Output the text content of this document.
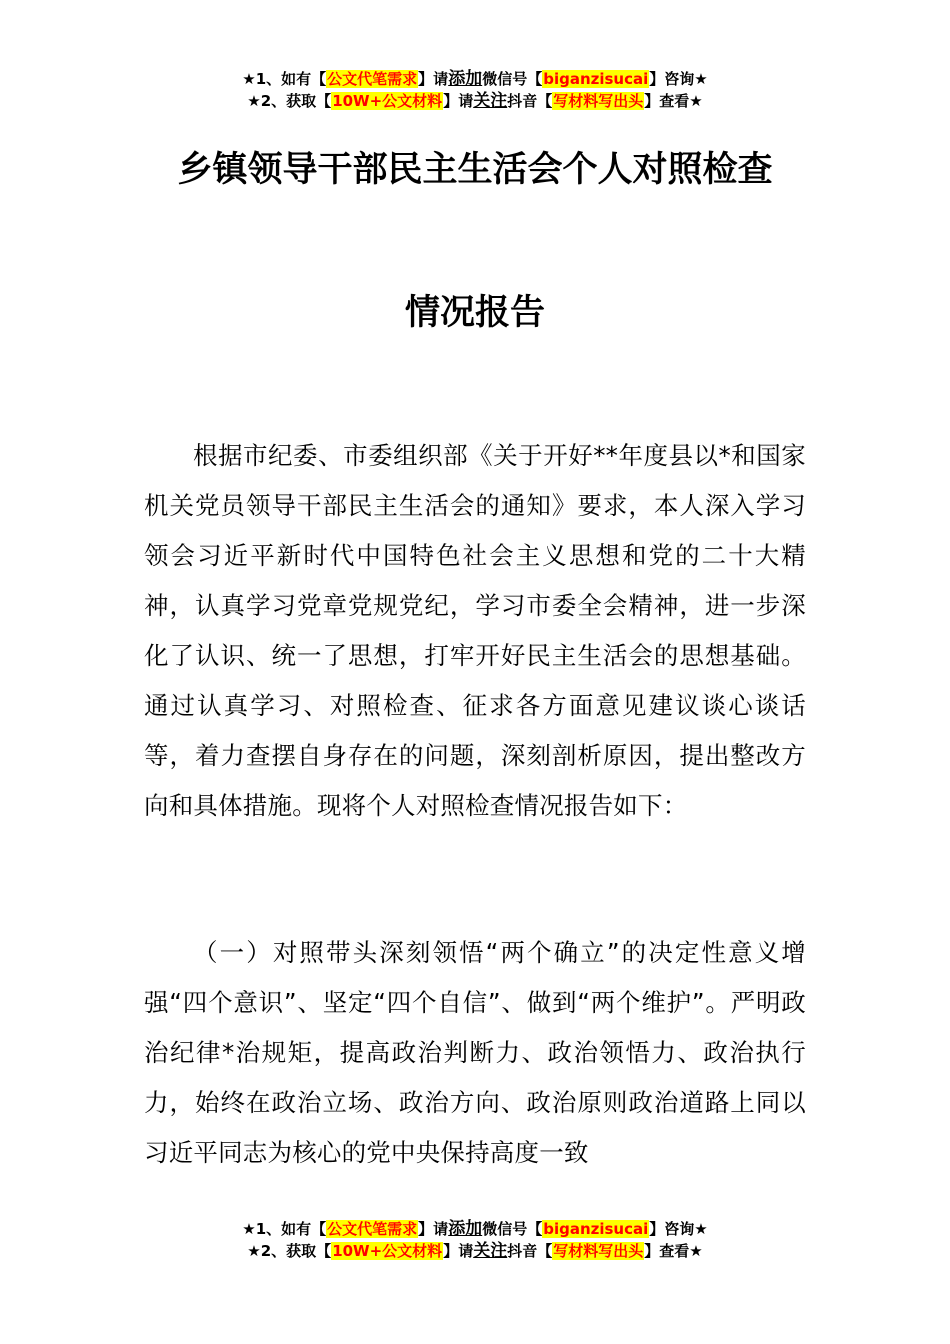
★1、如有【公文代笔需求】请添加微信号【biganzisucai】咨询★
★2、获取【10W+公文材料】请关注抖音【写材料写出头】查看★
乡镇领导干部民主生活会个人对照检查
情况报告

根据市纪委、市委组织部《关于开好**年度县以*和国家机关党员领导干部民主生活会的通知》要求，本人深入学习领会习近平新时代中国特色社会主义思想和党的二十大精神，认真学习党章党规党纪，学习市委全会精神，进一步深化了认识、统一了思想，打牢开好民主生活会的思想基础。通过认真学习、对照检查、征求各方面意见建议谈心谈话等，着力查摆自身存在的问题，深刻剖析原因，提出整改方向和具体措施。现将个人对照检查情况报告如下：

（一）对照带头深刻领悟“两个确立”的决定性意义增强“四个意识”、坚定“四个自信”、做到“两个维护”。严明政治纪律*治规矩，提高政治判断力、政治领悟力、政治执行力，始终在政治立场、政治方向、政治原则政治道路上同以习近平同志为核心的党中央保持高度一致

★1、如有【公文代笔需求】请添加微信号【biganzisucai】咨询★
★2、获取【10W+公文材料】请关注抖音【写材料写出头】查看★
